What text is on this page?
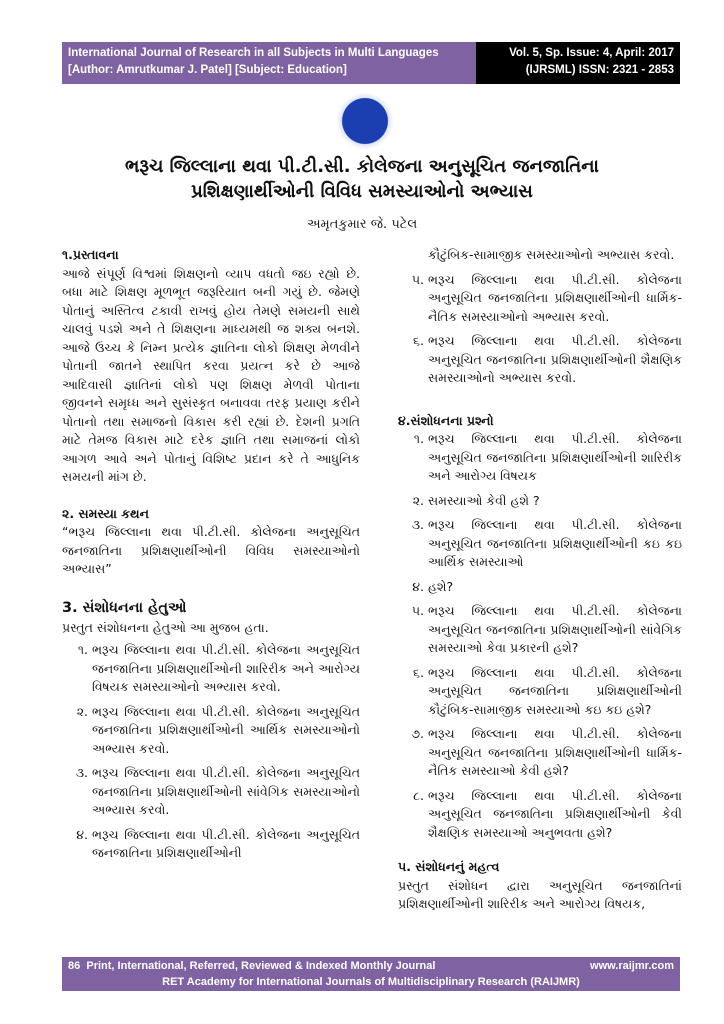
International Journal of Research in all Subjects in Multi Languages
[Author: Amrutkumar J. Patel] [Subject: Education]
Vol. 5, Sp. Issue: 4, April: 2017
(IJRSML) ISSN: 2321 - 2853
ભરૂચ જિલ્લાના થવા પી.ટી.સી. કોલેજના અનુસૂચિત જનજાતિના પ્રશિક્ષણાર્થીઓની વિવિધ સમસ્યાઓનો અભ્યાસ
અમૃતકુમાર જે. પટેલ
૧.પ્રસ્તાવના

આજે સંપૂર્ણ વિશ્વમાં શિક્ષણનો વ્યાપ વધતો જઇ રહ્યો છે. બધા માટે શિક્ષણ મૂળભૂત જરૂરિયાત બની ગયું છે. જેમણે પોતાનું અસ્તિત્વ ટકાવી રાખવું હોય તેમણે સમયની સાથે ચાલવું પડશે અને તે શિક્ષણના માધ્યમથી જ શક્ય બનશે. આજે ઉચ્ચ કે નિમ્ન પ્રત્યેક જ્ઞાતિના લોકો શિક્ષણ મેળવીને પોતાની જાતને સ્થાપિત કરવા પ્રયત્ન કરે છે આજે આદિવાસી જ્ઞાતિનાં લોકો પણ શિક્ષણ મેળવી પોતાના જીવનને સમૃધ્ધ અને સુસંસ્કૃત બનાવવા તરફ પ્રયાણ કરીને પોતાનો તથા સમાજનો વિકાસ કરી રહ્યાં છે. દેશની પ્રગતિ માટે તેમજ વિકાસ માટે દરેક જ્ઞાતિ તથા સમાજનાં લોકો આગળ આવે અને પોતાનું વિશિષ્ટ પ્રદાન કરે તે આધુનિક સમયની માંગ છે.

૨. સમસ્યા કથન

“ભરૂચ જિલ્લાના થવા પી.ટી.સી. કોલેજના અનુસૂચિત જનજાતિના પ્રશિક્ષણાર્થીઓની વિવિધ સમસ્યાઓનો અભ્યાસ”

3. સંશોધનના હેતુઓ

પ્રસ્તુત સંશોધનના હેતુઓ આ મુજબ હતા.

૧. ભરૂચ જિલ્લાના થવા પી.ટી.સી. કોલેજના અનુસૂચિત જનજાતિના પ્રશિક્ષણાર્થીઓની શારિરીક અને આરોગ્ય વિષયક સમસ્યાઓનો અભ્યાસ કરવો.
૨. ભરૂચ જિલ્લાના થવા પી.ટી.સી. કોલેજના અનુસૂચિત જનજાતિના પ્રશિક્ષણાર્થીઓની આર્થિક સમસ્યાઓનો અભ્યાસ કરવો.
૩. ભરૂચ જિલ્લાના થવા પી.ટી.સી. કોલેજના અનુસૂચિત જનજાતિના પ્રશિક્ષણાર્થીઓની સાંવેગિક સમસ્યાઓનો અભ્યાસ કરવો.
૪. ભરૂચ જિલ્લાના થવા પી.ટી.સી. કોલેજના અનુસૂચિત જનજાતિના પ્રશિક્ષણાર્થીઓની
કૌટુંબિક-સામાજીક સમસ્યાઓનો અભ્યાસ કરવો.
૫. ભરૂચ જિલ્લાના થવા પી.ટી.સી. કોલેજના અનુસૂચિત જનજાતિના પ્રશિક્ષણાર્થીઓની ધાર્મિક-નૈતિક સમસ્યાઓનો અભ્યાસ કરવો.
૬. ભરૂચ જિલ્લાના થવા પી.ટી.સી. કોલેજના અનુસૂચિત જનજાતિના પ્રશિક્ષણાર્થીઓની શૈક્ષણિક સમસ્યાઓનો અભ્યાસ કરવો.
૪.સંશોધનના પ્રશ્નો
૧. ભરૂચ જિલ્લાના થવા પી.ટી.સી. કોલેજના અનુસૂચિત જનજાતિના પ્રશિક્ષણાર્થીઓની શારિરીક અને આરોગ્ય વિષયક
૨. સમસ્યાઓ કેવી હશે ?
૩. ભરૂચ જિલ્લાના થવા પી.ટી.સી. કોલેજના અનુસૂચિત જનજાતિના પ્રશિક્ષણાર્થીઓની કઇ કઇ આર્થિક સમસ્યાઓ
૪. હશે?
૫. ભરૂચ જિલ્લાના થવા પી.ટી.સી. કોલેજના અનુસૂચિત જનજાતિના પ્રશિક્ષણાર્થીઓની સાંવેગિક સમસ્યાઓ કેવા પ્રકારની હશે?
૬. ભરૂચ જિલ્લાના થવા પી.ટી.સી. કોલેજના અનુસૂચિત જનજાતિના પ્રશિક્ષણાર્થીઓની કૌટુંબિક-સામાજીક સમસ્યાઓ કઇ કઇ હશે?
૭. ભરૂચ જિલ્લાના થવા પી.ટી.સી. કોલેજના અનુસૂચિત જનજાતિના પ્રશિક્ષણાર્થીઓની ધાર્મિક-નૈતિક સમસ્યાઓ કેવી હશે?
૮. ભરૂચ જિલ્લાના થવા પી.ટી.સી. કોલેજના અનુસૂચિત જનજાતિના પ્રશિક્ષણાર્થીઓની કેવી શૈક્ષણિક સમસ્યાઓ અનુભવતા હશે?
૫. સંશોધનનું મહત્વ

પ્રસ્તુત સંશોધન દ્વારા અનુસૂચિત જનજાતિનાં પ્રશિક્ષણાર્થીઓની શારિરીક અને આરોગ્ય વિષયક,

86 Print, International, Referred, Reviewed & Indexed Monthly Journal	www.raijmr.com
RET Academy for International Journals of Multidisciplinary Research (RAIJMR)
